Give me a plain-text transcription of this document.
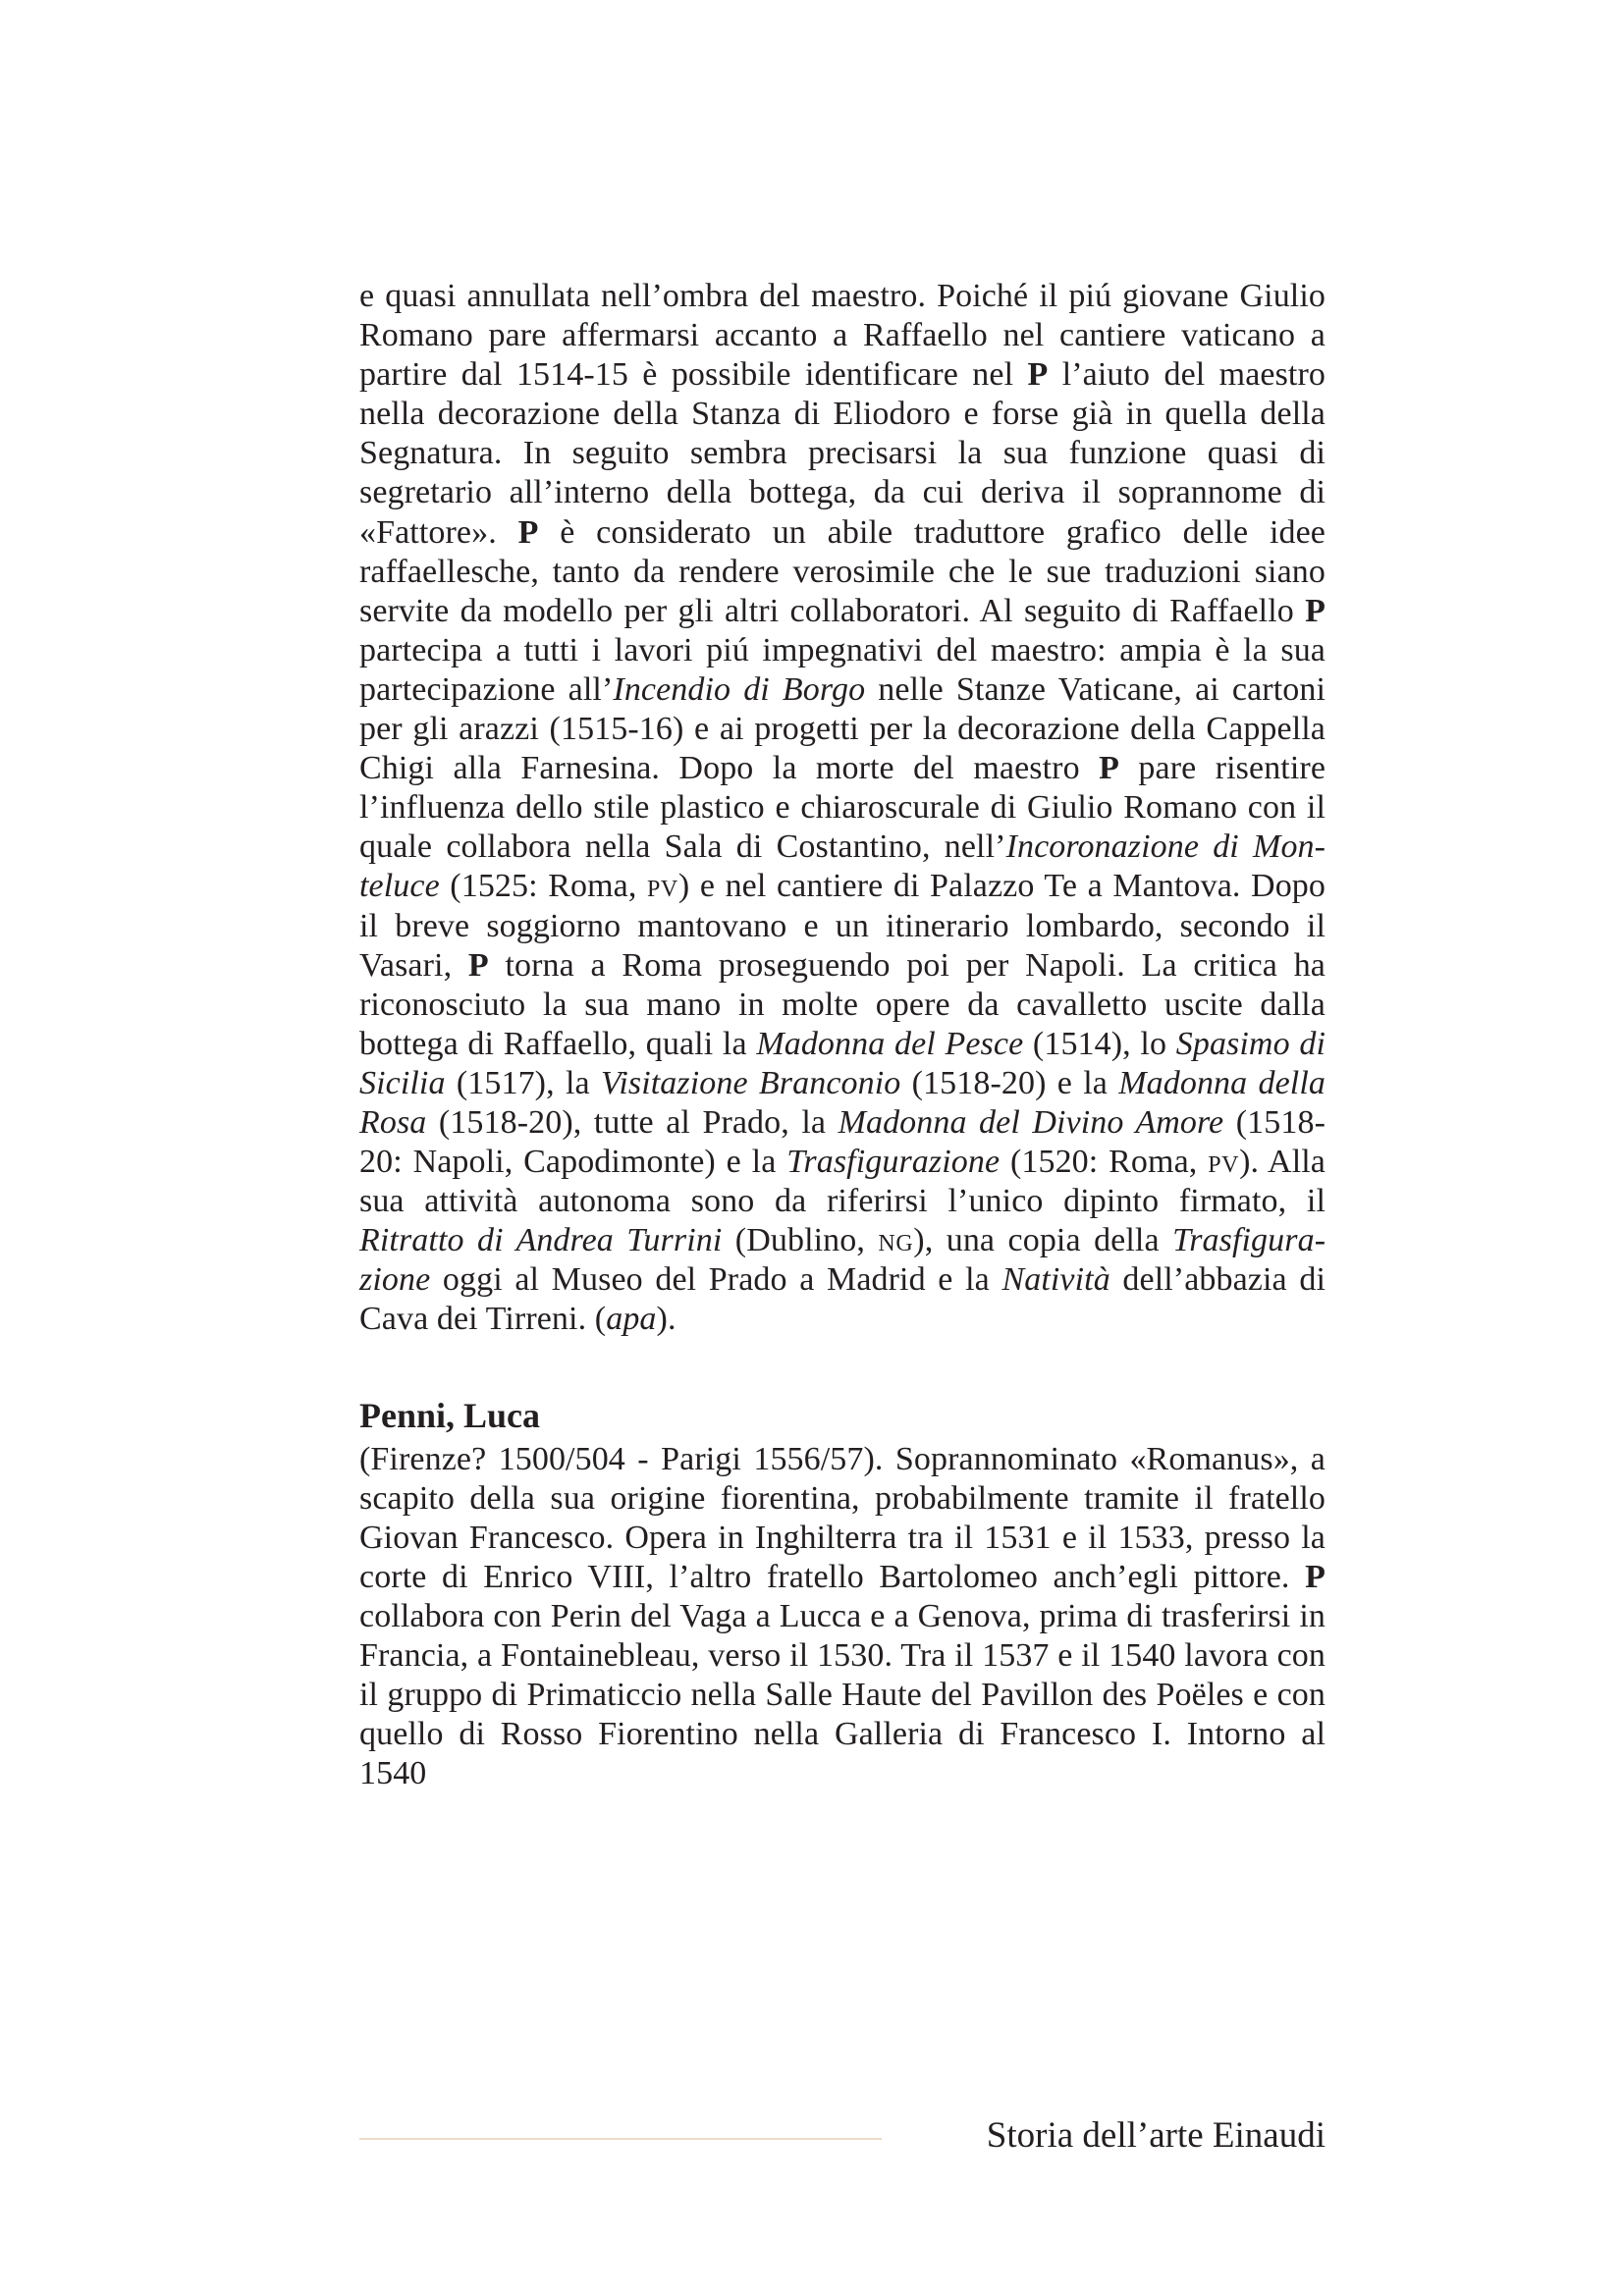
e quasi annullata nell’ombra del maestro. Poiché il piú giovane Giulio Romano pare affermarsi accanto a Raffaello nel cantiere vaticano a partire dal 1514-15 è possibile identificare nel P l’aiuto del maestro nella decorazione della Stanza di Eliodoro e forse già in quella della Segnatura. In seguito sembra precisarsi la sua funzione quasi di segretario all’interno della bottega, da cui deriva il soprannome di «Fattore». P è considerato un abile traduttore grafico delle idee raffaellesche, tanto da rendere verosimile che le sue traduzioni siano servite da modello per gli altri collaboratori. Al seguito di Raffaello P partecipa a tutti i lavori piú impegnativi del maestro: ampia è la sua partecipazione all’Incendio di Borgo nelle Stanze Vaticane, ai cartoni per gli arazzi (1515-16) e ai progetti per la decorazione della Cappella Chigi alla Farnesina. Dopo la morte del maestro P pare risentire l’influenza dello stile plastico e chiaroscurale di Giulio Romano con il quale collabora nella Sala di Costantino, nell’Incoronazione di Monteluce (1525: Roma, pv) e nel cantiere di Palazzo Te a Mantova. Dopo il breve soggiorno mantovano e un itinerario lombardo, secondo il Vasari, P torna a Roma proseguendo poi per Napoli. La critica ha riconosciuto la sua mano in molte opere da cavalletto uscite dalla bottega di Raffaello, quali la Madonna del Pesce (1514), lo Spasimo di Sicilia (1517), la Visitazione Branconio (1518-20) e la Madonna della Rosa (1518-20), tutte al Prado, la Madonna del Divino Amore (1518-20: Napoli, Capodimonte) e la Trasfigurazione (1520: Roma, pv). Alla sua attività autonoma sono da riferirsi l’unico dipinto firmato, il Ritratto di Andrea Turrini (Dublino, ng), una copia della Trasfigurazione oggi al Museo del Prado a Madrid e la Natività dell’abbazia di Cava dei Tirreni. (apa).

Penni, Luca

(Firenze? 1500/504 - Parigi 1556/57). Soprannominato «Romanus», a scapito della sua origine fiorentina, probabilmente tramite il fratello Giovan Francesco. Opera in Inghilterra tra il 1531 e il 1533, presso la corte di Enrico VIII, l’altro fratello Bartolomeo anch’egli pittore. P collabora con Perin del Vaga a Lucca e a Genova, prima di trasferirsi in Francia, a Fontainebleau, verso il 1530. Tra il 1537 e il 1540 lavora con il gruppo di Primaticcio nella Salle Haute del Pavillon des Poëles e con quello di Rosso Fiorentino nella Galleria di Francesco I. Intorno al 1540

Storia dell’arte Einaudi
